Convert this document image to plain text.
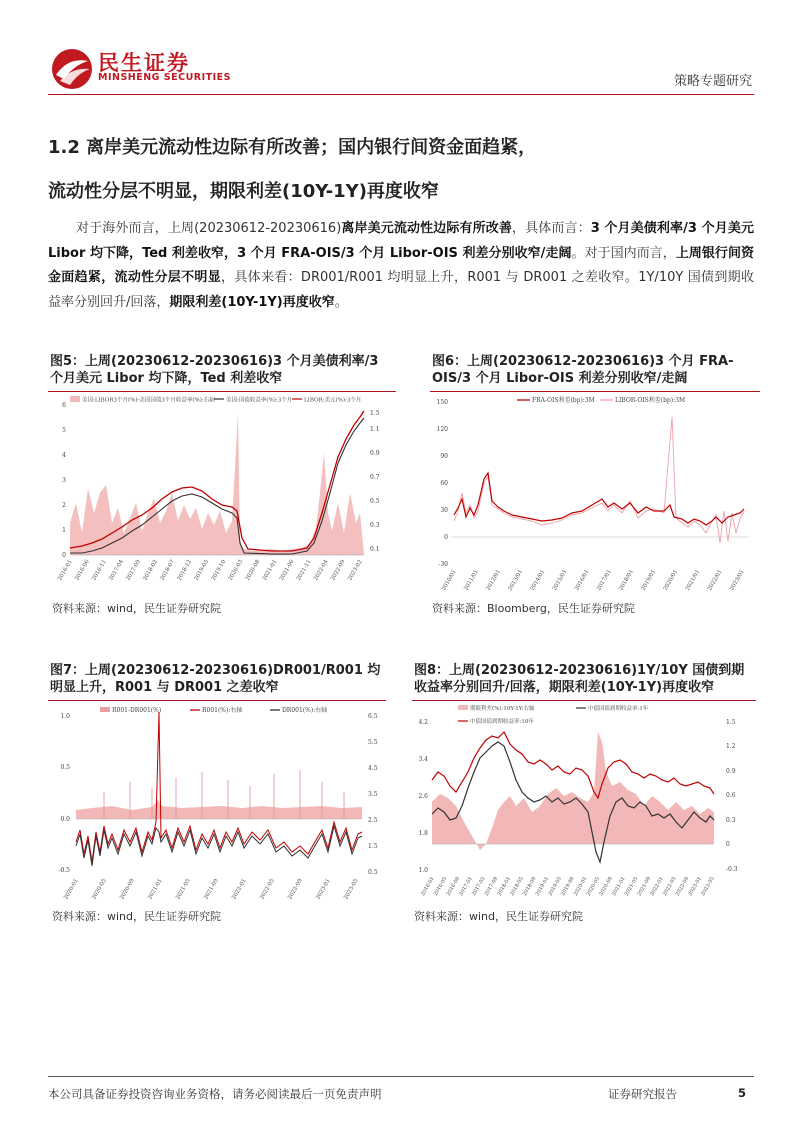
民生证券
MINSHENG SECURITIES	策略专题研究
1.2 离岸美元流动性边际有所改善；国内银行间资金面趋紧，
流动性分层不明显，期限利差(10Y-1Y)再度收窄
对于海外而言，上周(20230612-20230616)离岸美元流动性边际有所改善，具体而言：3 个月美债利率/3 个月美元 Libor 均下降，Ted 利差收窄，3 个月 FRA-OIS/3 个月 Libor-OIS 利差分别收窄/走阔。对于国内而言，上周银行间资金面趋紧，流动性分层不明显，具体来看：DR001/R001 均明显上升，R001 与 DR001 之差收窄。1Y/10Y 国债到期收益率分别回升/回落，期限利差(10Y-1Y)再度收窄。
图5：上周(20230612-20230616)3 个月美债利率/3 个月美元 Libor 均下降，Ted 利差收窄
美国:LIBOR3个月(%)-美国国债3个月收益率(%):右轴 美国:国债收益率(%):3个月 LIBOR:美元(%):3个月
6
5
4
3
2
1
0
1.5
1.1
0.9
0.7
0.5
0.3
0.1
2016-01 2016-06 2016-11 2017-04 2017-09 2018-02 2018-07 2018-12 2019-05 2019-10 2020-03 2020-08 2021-01 2021-06 2021-11 2022-04 2022-09 2023-02
资料来源：wind，民生证券研究院
图6：上周(20230612-20230616)3 个月 FRA-OIS/3 个月 Libor-OIS 利差分别收窄/走阔
FRA-OIS利差(bp):3M	LIBOR-OIS利差(bp):3M
150
120
90
60
30
0
-30
2010/01 2011/01 2012/01 2013/01 2014/01 2015/01 2016/01 2017/01 2018/01 2019/01 2020/01 2021/01 2022/01 2023/01
资料来源：Bloomberg，民生证券研究院
图7：上周(20230612-20230616)DR001/R001 均明显上升，R001 与 DR001 之差收窄
R001-DR001(%)	R001(%):右轴	DR001(%):右轴
1.0
0.5
0.0
-0.5
6.5
5.5
4.5
3.5
2.5
1.5
0.5
2020-01 2020-05 2020-09 2021-01 2021-05 2021-09 2022-01 2022-05 2022-09 2023-01 2023-05
资料来源：wind，民生证券研究院
图8：上周(20230612-20230616)1Y/10Y 国债到期收益率分别回升/回落，期限利差(10Y-1Y)再度收窄
期限利差(%):10Y-1Y:右轴	中债国债到期收益率:1年
中债国债到期收益率:10年
4.2
3.4
2.6
1.8
1.0
1.5
1.2
0.9
0.6
0.3
0
-0.3
2016-01
2016-05
2016-09
2017-01
2017-05
2017-09
2018-01
2018-05
2018-09
2019-01
2019-05
2019-09
2020-01
2020-05
2020-09
2021-01
2021-05
2021-09
2022-01
2022-05
2022-09
2023-01
2023-05
资料来源：wind，民生证券研究院
本公司具备证券投资咨询业务资格，请务必阅读最后一页免责声明	证券研究报告	5
